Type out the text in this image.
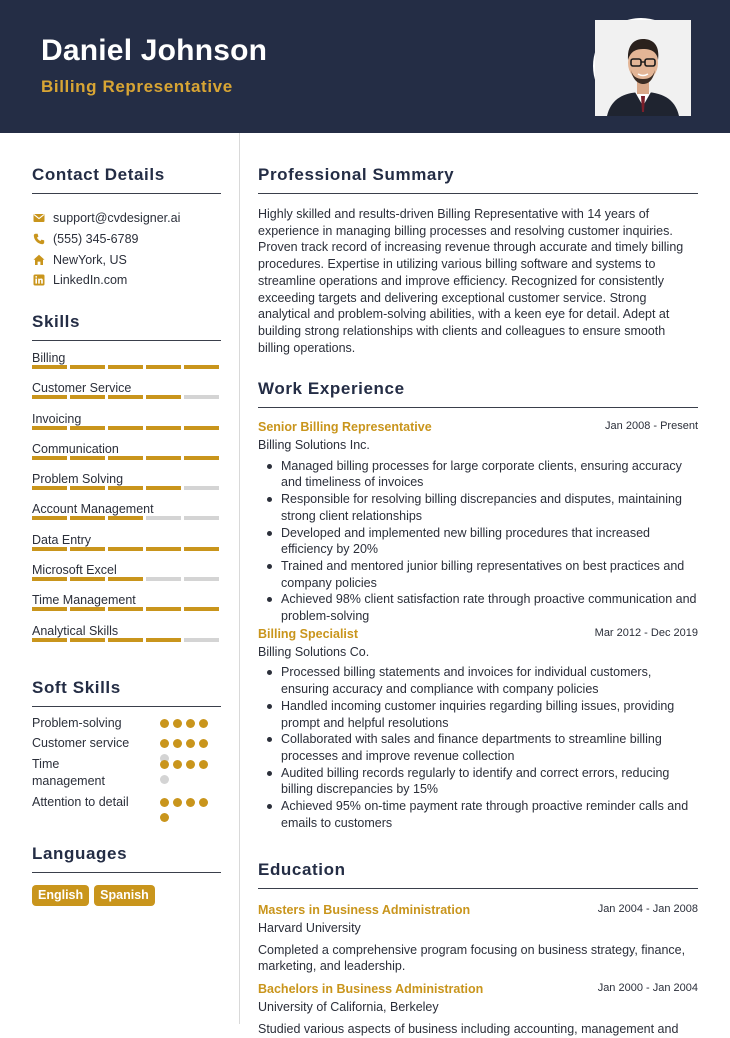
Daniel Johnson
Billing Representative
Contact Details
support@cvdesigner.ai
(555) 345-6789
NewYork, US
LinkedIn.com
Skills
Billing
Customer Service
Invoicing
Communication
Problem Solving
Account Management
Data Entry
Microsoft Excel
Time Management
Analytical Skills
Soft Skills
Problem-solving
Customer service
Time management
Attention to detail
Languages
English	Spanish
Professional Summary
Highly skilled and results-driven Billing Representative with 14 years of experience in managing billing processes and resolving customer inquiries. Proven track record of increasing revenue through accurate and timely billing procedures. Expertise in utilizing various billing software and systems to streamline operations and improve efficiency. Recognized for consistently exceeding targets and delivering exceptional customer service. Strong analytical and problem-solving abilities, with a keen eye for detail. Adept at building strong relationships with clients and colleagues to ensure smooth billing operations.
Work Experience
Senior Billing Representative	Jan 2008 - Present
Billing Solutions Inc.
Managed billing processes for large corporate clients, ensuring accuracy and timeliness of invoices
Responsible for resolving billing discrepancies and disputes, maintaining strong client relationships
Developed and implemented new billing procedures that increased efficiency by 20%
Trained and mentored junior billing representatives on best practices and company policies
Achieved 98% client satisfaction rate through proactive communication and problem-solving
Billing Specialist	Mar 2012 - Dec 2019
Billing Solutions Co.
Processed billing statements and invoices for individual customers, ensuring accuracy and compliance with company policies
Handled incoming customer inquiries regarding billing issues, providing prompt and helpful resolutions
Collaborated with sales and finance departments to streamline billing processes and improve revenue collection
Audited billing records regularly to identify and correct errors, reducing billing discrepancies by 15%
Achieved 95% on-time payment rate through proactive reminder calls and emails to customers
Education
Masters in Business Administration	Jan 2004 - Jan 2008
Harvard University
Completed a comprehensive program focusing on business strategy, finance, marketing, and leadership.
Bachelors in Business Administration	Jan 2000 - Jan 2004
University of California, Berkeley
Studied various aspects of business including accounting, management and
